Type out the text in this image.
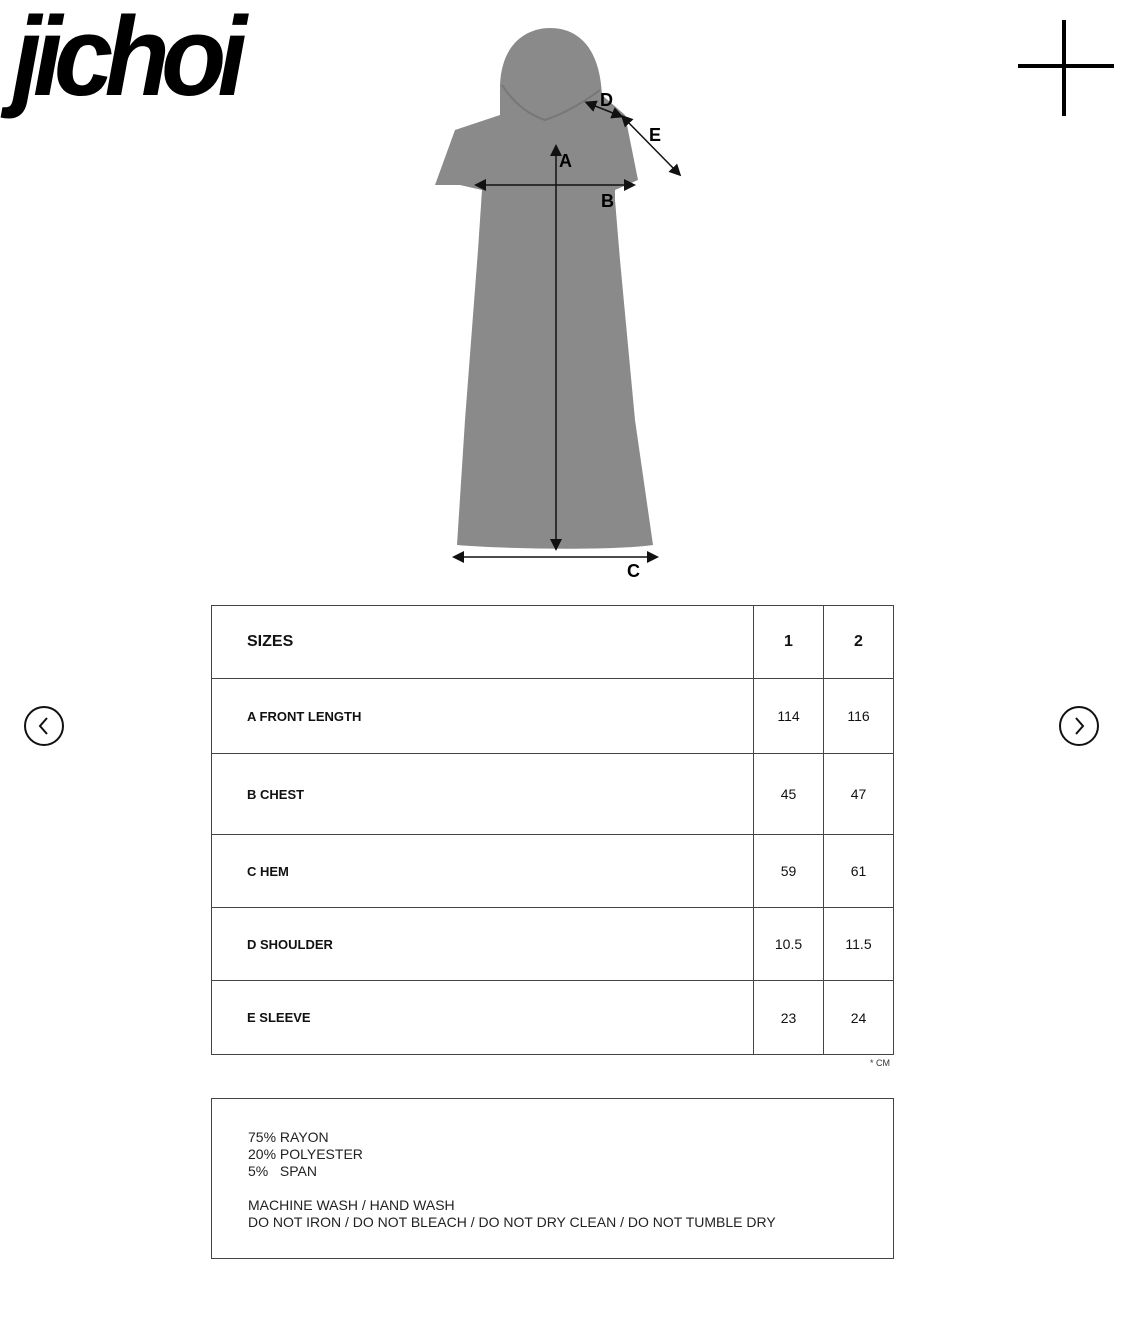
jichoi
A
B
C
D
E
SIZES	1	2
A FRONT LENGTH	114	116
B CHEST	45	47
C HEM	59	61
D SHOULDER	10.5	11.5
E SLEEVE	23	24
* CM
75% RAYON
20% POLYESTER
5%   SPAN
MACHINE WASH / HAND WASH
DO NOT IRON / DO NOT BLEACH / DO NOT DRY CLEAN / DO NOT TUMBLE DRY
